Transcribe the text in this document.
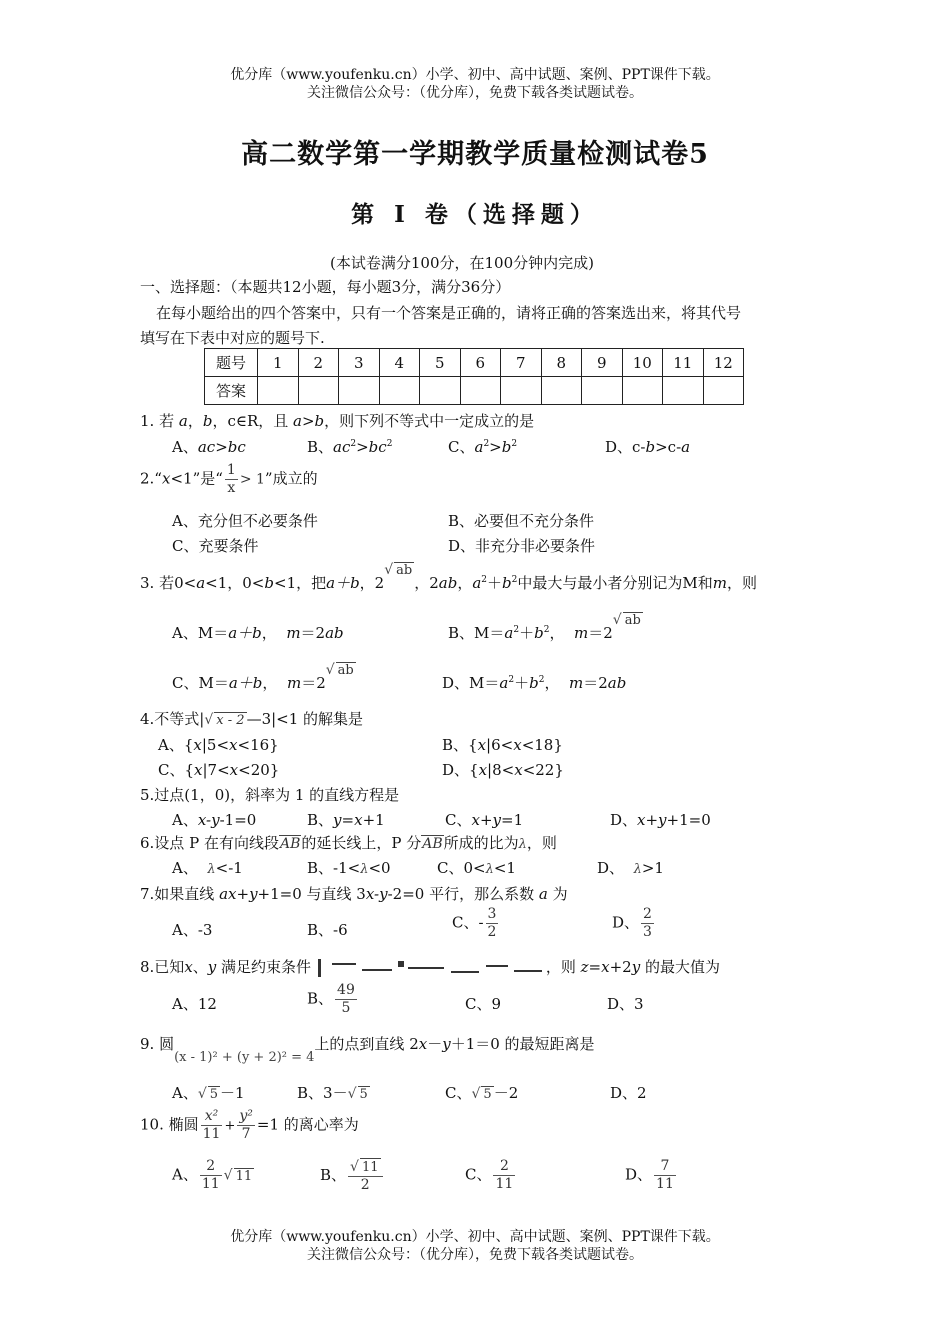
优分库（www.youfenku.cn）小学、初中、高中试题、案例、PPT课件下载。
关注微信公众号：（优分库），免费下载各类试题试卷。
高二数学第一学期教学质量检测试卷5
第 I 卷（选择题）
(本试卷满分100分，在100分钟内完成)
一、选择题：（本题共12小题，每小题3分，满分36分）
在每小题给出的四个答案中，只有一个答案是正确的，请将正确的答案选出来，将其代号
填写在下表中对应的题号下.
题号	1	2	3	4	5	6	7	8	9	10	11	12
答案												
1. 若 a，b，c∈R，且 a>b，则下列不等式中一定成立的是
A、ac>bc	B、$ac^2>bc^2$	C、$a^2>b^2$	D、c-b>c-a
2.“x<1”是“ $\frac{1}{x} > 1$”成立的
A、充分但不必要条件	B、必要但不充分条件
C、充要条件	D、非充分非必要条件
3. 若0<a<1，0<b<1，把a＋b，2√ ab，2ab，$a^2+b^2$中最大与最小者分别记为M和m，则
A、M＝a＋b， m＝2ab	B、$M=a^2+b^2$， m＝2√ ab
C、M＝a＋b， m＝2√ ab
D、$M=a^2+b^2$， m＝2ab
4.不等式|√ x - 2 —3|<1 的解集是
A、{x|5<x<16}	B、{x|6<x<18}
C、{x|7<x<20}	D、{x|8<x<22}
5.过点(1，0)，斜率为 1 的直线方程是
A、x-y-1=0	B、y=x+1	C、x+y=1	D、x+y+1=0
6.设点 P 在有向线段AB的延长线上，P 分AB所成的比为λ，则
A、 λ<-1	B、-1<λ<0	C、0<λ<1	D、 λ>1
7.如果直线 ax+y+1=0 与直线 3x-y-2=0 平行，那么系数 a 为
A、-3	B、-6	C、- $\frac{3}{2}$	D、 $\frac{2}{3}$
8.已知x、y 满足约束条件	，则 z=x+2y 的最大值为
A、12	B、 $\frac{49}{5}$	C、9	D、3
9. 圆(x - 1)² + (y + 2)² = 4上的点到直线 2x－y＋1＝0 的最短距离是
A、√ 5 －1	B、3－√ 5	C、√ 5 －2	D、2
10. 椭圆 $\frac{\text{x²}}{11} + \frac{\text{y²}}{7} =1$ 的离心率为
A、 $\frac{2}{11}$ √ 11	B、 $\frac{√ 11}{2}$	C、 $\frac{2}{11}$	D、 $\frac{7}{11}$
优分库（www.youfenku.cn）小学、初中、高中试题、案例、PPT课件下载。
关注微信公众号：（优分库），免费下载各类试题试卷。
